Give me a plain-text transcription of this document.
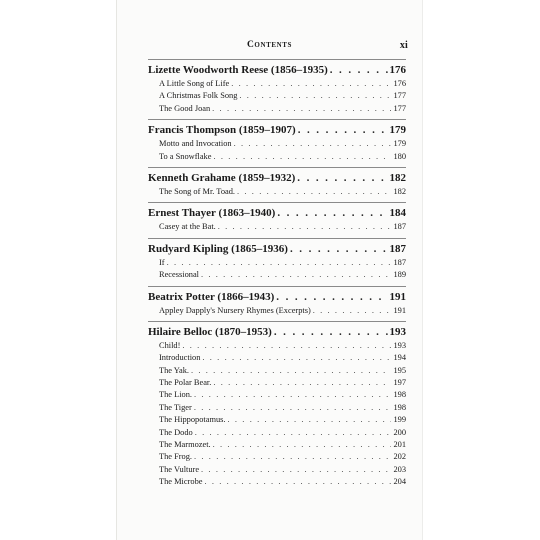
Contents	xi
Lizette Woodworth Reese (1856–1935) . . .	176
A Little Song of Life . . .	176
A Christmas Folk Song . . .	177
The Good Joan . . .	177
Francis Thompson (1859–1907) . . .	179
Motto and Invocation . . .	179
To a Snowflake . . .	180
Kenneth Grahame (1859–1932) . . .	182
The Song of Mr. Toad. . . .	182
Ernest Thayer (1863–1940) . . .	184
Casey at the Bat. . . .	187
Rudyard Kipling (1865–1936) . . .	187
If . . .	187
Recessional . . .	189
Beatrix Potter (1866–1943) . . .	191
Appley Dapply's Nursery Rhymes (Excerpts) . . .	191
Hilaire Belloc (1870–1953) . . .	193
Child! . . .	193
Introduction . . .	194
The Yak. . . .	195
The Polar Bear. . . .	197
The Lion. . . .	198
The Tiger . . .	198
The Hippopotamus. . . .	199
The Dodo . . .	200
The Marmozet. . . .	201
The Frog. . . .	202
The Vulture . . .	203
The Microbe . . .	204
